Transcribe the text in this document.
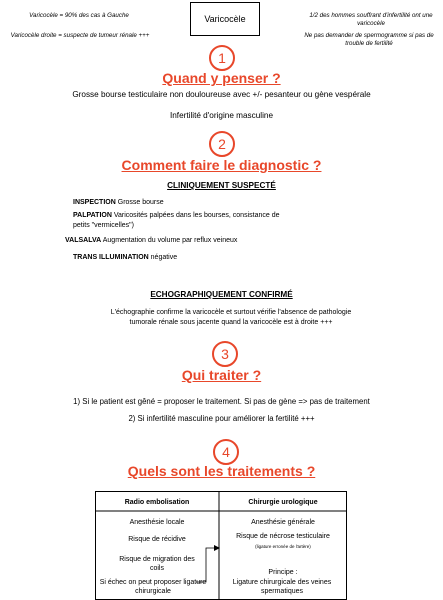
Varicocèle = 90% des cas à Gauche
Varicocèle droite = suspecte de tumeur rénale +++
Varicocèle	1/2 des hommes souffrant d'infertilité ont une varicocèle
Ne pas demander de spermogramme si pas de trouble de fertilité
1
Quand y penser ?
Grosse bourse testiculaire non douloureuse avec +/- pesanteur ou gène vespérale
Infertilité d'origine masculine
2
Comment faire le diagnostic ?
CLINIQUEMENT SUSPECTÉ
INSPECTION Grosse bourse
PALPATION Varicosités palpées dans les bourses, consistance de petits "vermicelles")
VALSALVA Augmentation du volume par reflux veineux
TRANS ILLUMINATION négative
ECHOGRAPHIQUEMENT CONFIRMÉ
L'échographie confirme la varicocèle et surtout vérifie l'absence de pathologie tumorale rénale sous jacente quand la varicocèle est à droite +++
3
Qui traiter ?
1) Si le patient est gêné = proposer le traitement. Si pas de gène => pas de traitement
2) Si infertilité masculine pour améliorer la fertilité +++
4
Quels sont les traitements ?
Radio embolisation	Chirurgie urologique
Anesthésie locale
Risque de récidive
Risque de migration des coils
Si échec on peut proposer ligature chirurgicale
Anesthésie générale
Risque de nécrose testiculaire
(ligature erronée de l'artère)
Principe :
Ligature chirurgicale des veines spermatiques
